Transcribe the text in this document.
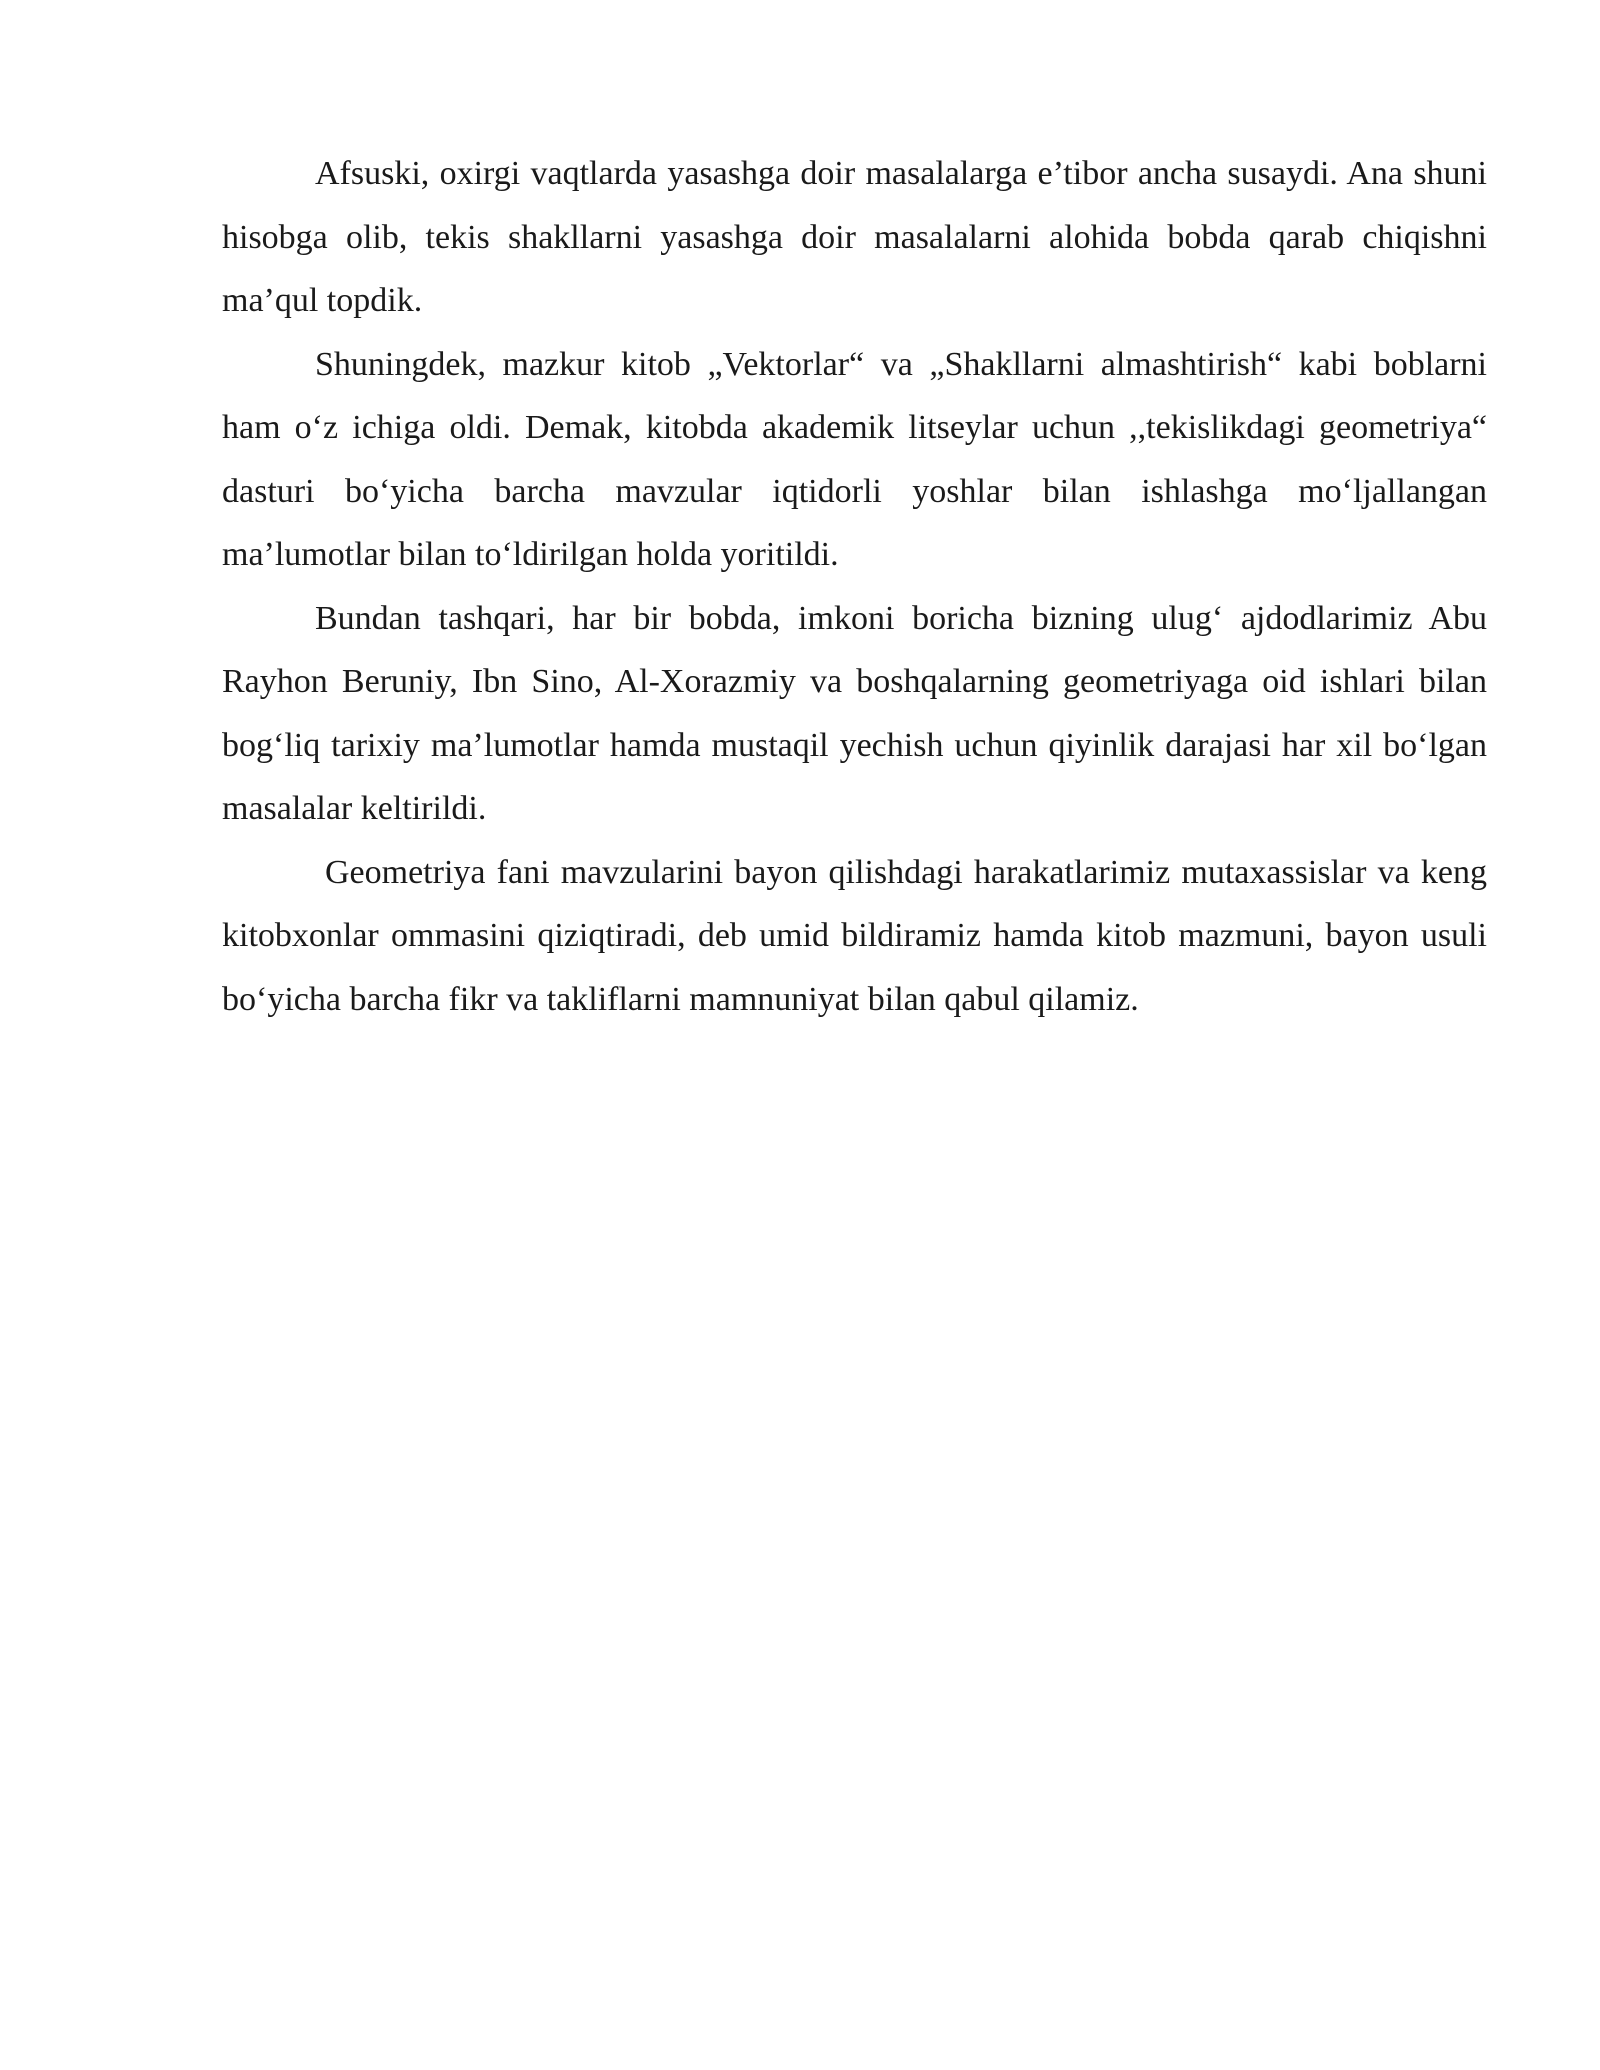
Afsuski, oxirgi vaqtlarda yasashga doir masalalarga e’tibor ancha susaydi. Ana shuni hisobga olib, tekis shakllarni yasashga doir masalalarni alohida bobda qarab chiqishni ma’qul topdik.

Shuningdek, mazkur kitob „Vektorlar“ va „Shakllarni almashtirish“ kabi boblarni ham o‘z ichiga oldi. Demak, kitobda akademik litseylar uchun ,,tekislikdagi geometriya“ dasturi bo‘yicha barcha mavzular iqtidorli yoshlar bilan ishlashga mo‘ljallangan ma’lumotlar bilan to‘ldirilgan holda yoritildi.

Bundan tashqari, har bir bobda, imkoni boricha bizning ulug‘ ajdodlarimiz Abu Rayhon Beruniy, Ibn Sino, Al-Xorazmiy va boshqalarning geometriyaga oid ishlari bilan bog‘liq tarixiy ma’lumotlar hamda mustaqil yechish uchun qiyinlik darajasi har xil bo‘lgan masalalar keltirildi.

Geometriya fani mavzularini bayon qilishdagi harakatlarimiz mutaxassislar va keng kitobxonlar ommasini qiziqtiradi, deb umid bildiramiz hamda kitob mazmuni, bayon usuli bo‘yicha barcha fikr va takliflarni mamnuniyat bilan qabul qilamiz.
